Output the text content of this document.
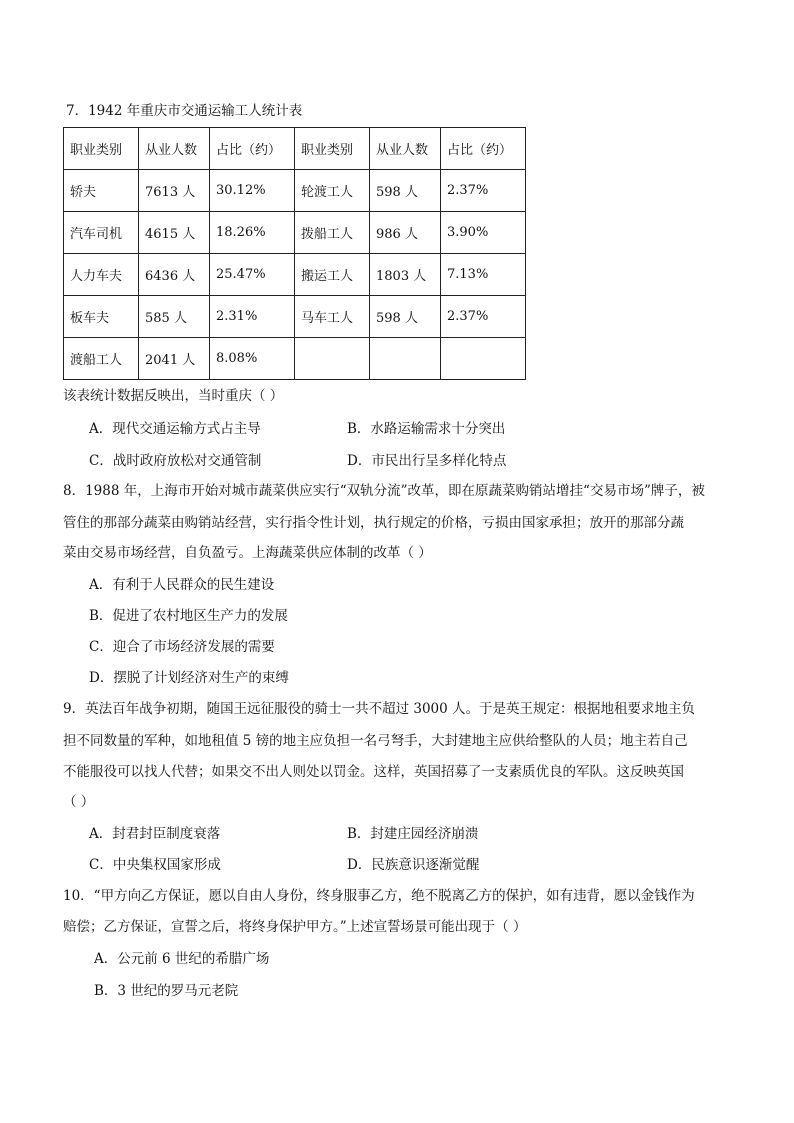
7．1942 年重庆市交通运输工人统计表
职业类别	从业人数	占比（约）	职业类别	从业人数	占比（约）
轿夫	7613 人	30.12%	轮渡工人	598 人	2.37%
汽车司机	4615 人	18.26%	拨船工人	986 人	3.90%
人力车夫	6436 人	25.47%	搬运工人	1803 人	7.13%
板车夫	585 人	2.31%	马车工人	598 人	2.37%
渡船工人	2041 人	8.08%			
该表统计数据反映出，当时重庆（ ）
A．现代交通运输方式占主导	B．水路运输需求十分突出
C．战时政府放松对交通管制	D．市民出行呈多样化特点
8．1988 年，上海市开始对城市蔬菜供应实行“双轨分流”改革，即在原蔬菜购销站增挂“交易市场”牌子，被
管住的那部分蔬菜由购销站经营，实行指令性计划，执行规定的价格，亏损由国家承担；放开的那部分蔬
菜由交易市场经营，自负盈亏。上海蔬菜供应体制的改革（ ）
A．有利于人民群众的民生建设
B．促进了农村地区生产力的发展
C．迎合了市场经济发展的需要
D．摆脱了计划经济对生产的束缚
9．英法百年战争初期，随国王远征服役的骑士一共不超过 3000 人。于是英王规定：根据地租要求地主负
担不同数量的军种，如地租值 5 镑的地主应负担一名弓弩手，大封建地主应供给整队的人员；地主若自己
不能服役可以找人代替；如果交不出人则处以罚金。这样，英国招募了一支素质优良的军队。这反映英国
（ ）
A．封君封臣制度衰落	B．封建庄园经济崩溃
C．中央集权国家形成	D．民族意识逐渐觉醒
10．“甲方向乙方保证，愿以自由人身份，终身服事乙方，绝不脱离乙方的保护，如有违背，愿以金钱作为
赔偿；乙方保证，宣誓之后，将终身保护甲方。”上述宣誓场景可能出现于（ ）
A．公元前 6 世纪的希腊广场
B．3 世纪的罗马元老院
